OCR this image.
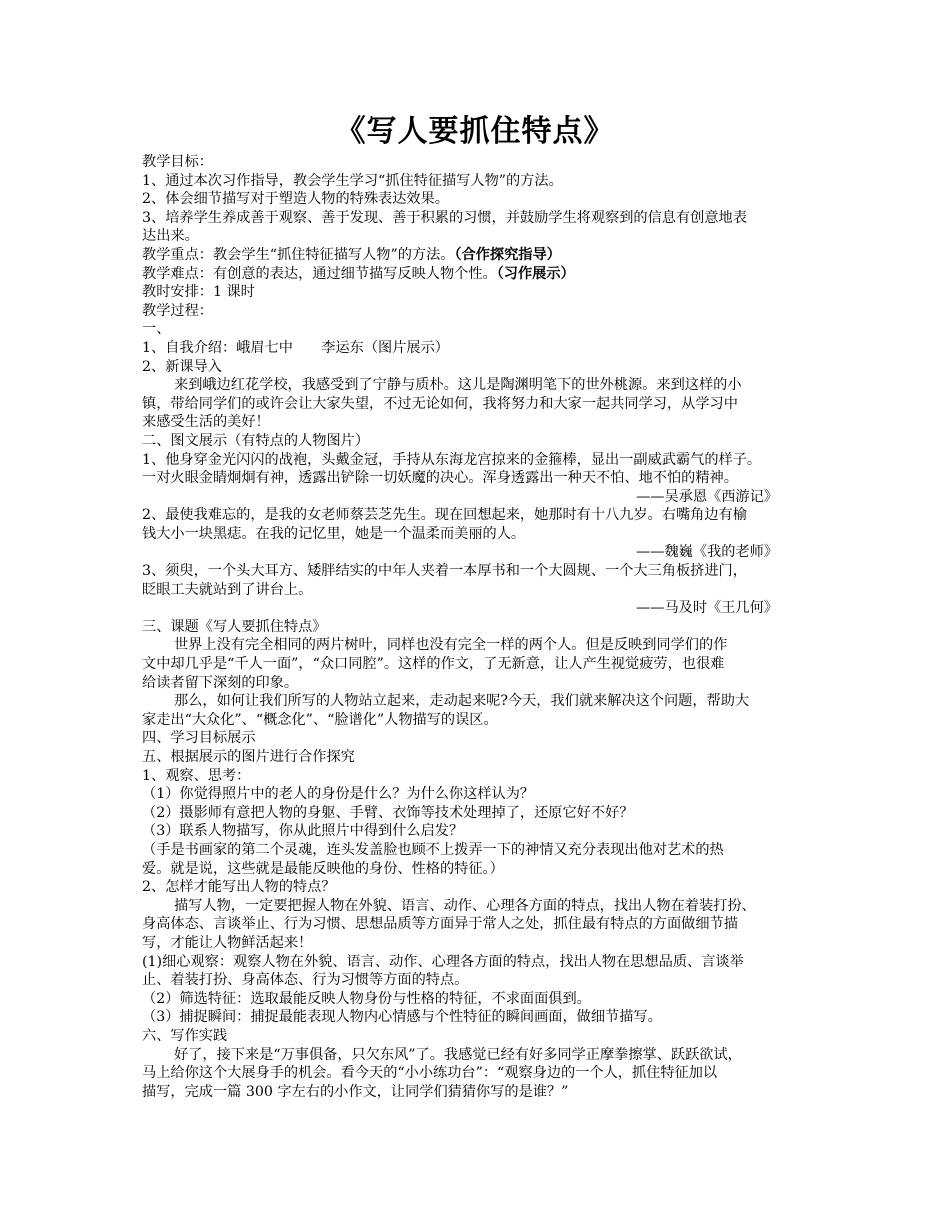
《写人要抓住特点》
教学目标：
1、通过本次习作指导，教会学生学习“抓住特征描写人物”的方法。
2、体会细节描写对于塑造人物的特殊表达效果。
3、培养学生养成善于观察、善于发现、善于积累的习惯，并鼓励学生将观察到的信息有创意地表
达出来。
教学重点：教会学生“抓住特征描写人物”的方法。（合作探究指导）
教学难点：有创意的表达，通过细节描写反映人物个性。（习作展示）
教时安排：1 课时
教学过程：
一、
1、自我介绍：峨眉七中　　李运东（图片展示）
2、新课导入
来到峨边红花学校，我感受到了宁静与质朴。这儿是陶渊明笔下的世外桃源。来到这样的小
镇，带给同学们的或许会让大家失望，不过无论如何，我将努力和大家一起共同学习，从学习中
来感受生活的美好！
二、图文展示（有特点的人物图片）
1、他身穿金光闪闪的战袍，头戴金冠，手持从东海龙宫掠来的金箍棒，显出一副威武霸气的样子。
一对火眼金睛炯炯有神，透露出铲除一切妖魔的决心。浑身透露出一种天不怕、地不怕的精神。
——吴承恩《西游记》
2、最使我难忘的，是我的女老师蔡芸芝先生。现在回想起来，她那时有十八九岁。右嘴角边有榆
钱大小一块黑痣。在我的记忆里，她是一个温柔而美丽的人。
——魏巍《我的老师》
3、须臾，一个头大耳方、矮胖结实的中年人夹着一本厚书和一个大圆规、一个大三角板挤进门，
眨眼工夫就站到了讲台上。
——马及时《王几何》
三、课题《写人要抓住特点》
世界上没有完全相同的两片树叶，同样也没有完全一样的两个人。但是反映到同学们的作
文中却几乎是“千人一面”，“众口同腔”。这样的作文，了无新意，让人产生视觉疲劳，也很难
给读者留下深刻的印象。
那么，如何让我们所写的人物站立起来，走动起来呢?今天，我们就来解决这个问题，帮助大
家走出“大众化”、“概念化”、“脸谱化”人物描写的误区。
四、学习目标展示
五、根据展示的图片进行合作探究
1、观察、思考：
（1）你觉得照片中的老人的身份是什么？为什么你这样认为？
（2）摄影师有意把人物的身躯、手臂、衣饰等技术处理掉了，还原它好不好？
（3）联系人物描写，你从此照片中得到什么启发？
（手是书画家的第二个灵魂，连头发盖脸也顾不上拨弄一下的神情又充分表现出他对艺术的热
爱。就是说，这些就是最能反映他的身份、性格的特征。）
2、怎样才能写出人物的特点？
描写人物，一定要把握人物在外貌、语言、动作、心理各方面的特点，找出人物在着装打扮、
身高体态、言谈举止、行为习惯、思想品质等方面异于常人之处，抓住最有特点的方面做细节描
写，才能让人物鲜活起来！
(1)细心观察：观察人物在外貌、语言、动作、心理各方面的特点，找出人物在思想品质、言谈举
止、着装打扮、身高体态、行为习惯等方面的特点。
（2）筛选特征：选取最能反映人物身份与性格的特征，不求面面俱到。
（3）捕捉瞬间：捕捉最能表现人物内心情感与个性特征的瞬间画面，做细节描写。
六、写作实践
好了，接下来是“万事俱备，只欠东风”了。我感觉已经有好多同学正摩拳擦掌、跃跃欲试，
马上给你这个大展身手的机会。看今天的“小小练功台”：“观察身边的一个人，抓住特征加以
描写，完成一篇 300 字左右的小作文，让同学们猜猜你写的是谁？”
